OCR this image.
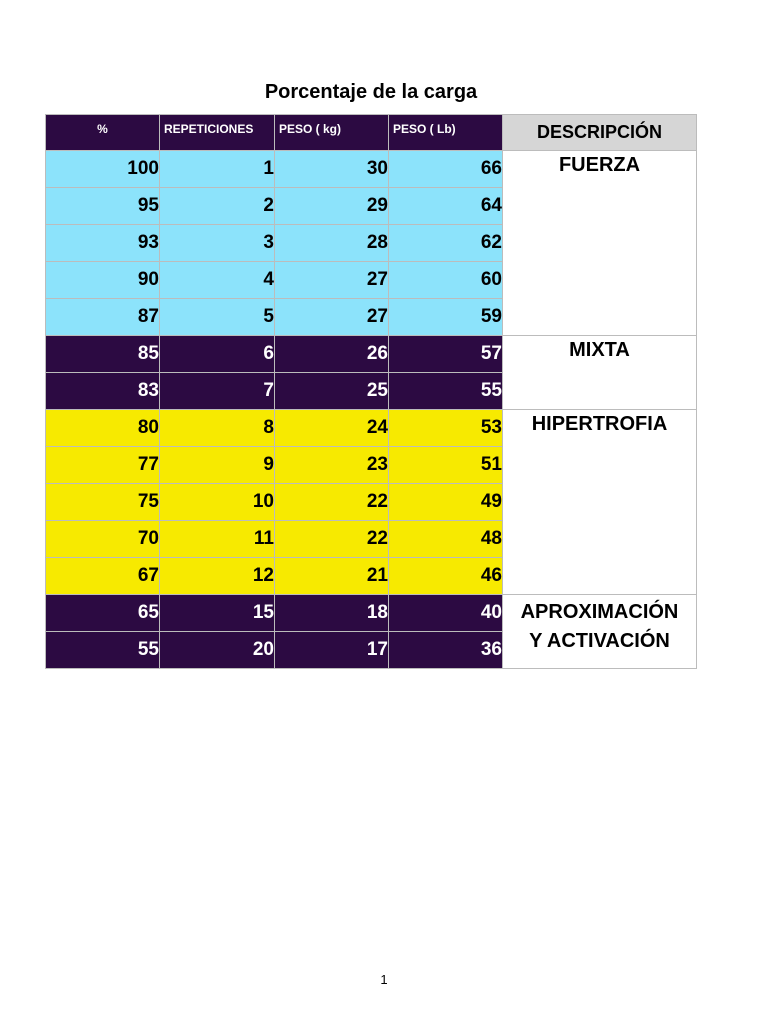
Porcentaje de la carga
%	REPETICIONES	PESO ( kg)	PESO ( Lb)	DESCRIPCIÓN
100	1	30	66	FUERZA
95	2	29	64	
93	3	28	62	
90	4	27	60	
87	5	27	59	
85	6	26	57	MIXTA
83	7	25	55	
80	8	24	53	HIPERTROFIA
77	9	23	51	
75	10	22	49	
70	11	22	48	
67	12	21	46	
65	15	18	40	APROXIMACIÓN
Y ACTIVACIÓN

55	20	17	36	
1
